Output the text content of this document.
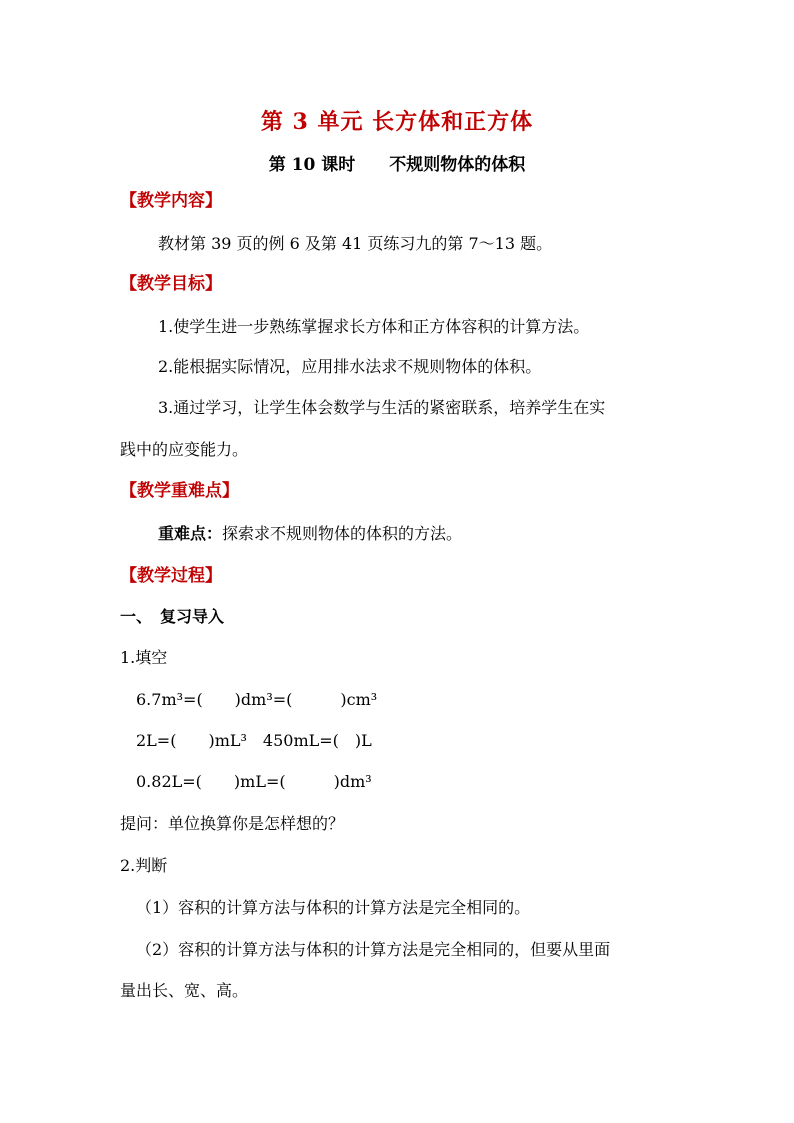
第 3 单元 长方体和正方体
第 10 课时 不规则物体的体积
【教学内容】
教材第 39 页的例 6 及第 41 页练习九的第 7～13 题。
【教学目标】
1.使学生进一步熟练掌握求长方体和正方体容积的计算方法。
2.能根据实际情况，应用排水法求不规则物体的体积。
3.通过学习，让学生体会数学与生活的紧密联系，培养学生在实
践中的应变能力。
【教学重难点】
重难点：探索求不规则物体的体积的方法。
【教学过程】
一、　复习导入
1.填空
6.7m³=(　　)dm³=(　　　)cm³
2L=(　　)mL³　450mL=(　)L
0.82L=(　　)mL=(　　　)dm³
提问：单位换算你是怎样想的？
2.判断
（1）容积的计算方法与体积的计算方法是完全相同的。
（2）容积的计算方法与体积的计算方法是完全相同的，但要从里面
量出长、宽、高。
